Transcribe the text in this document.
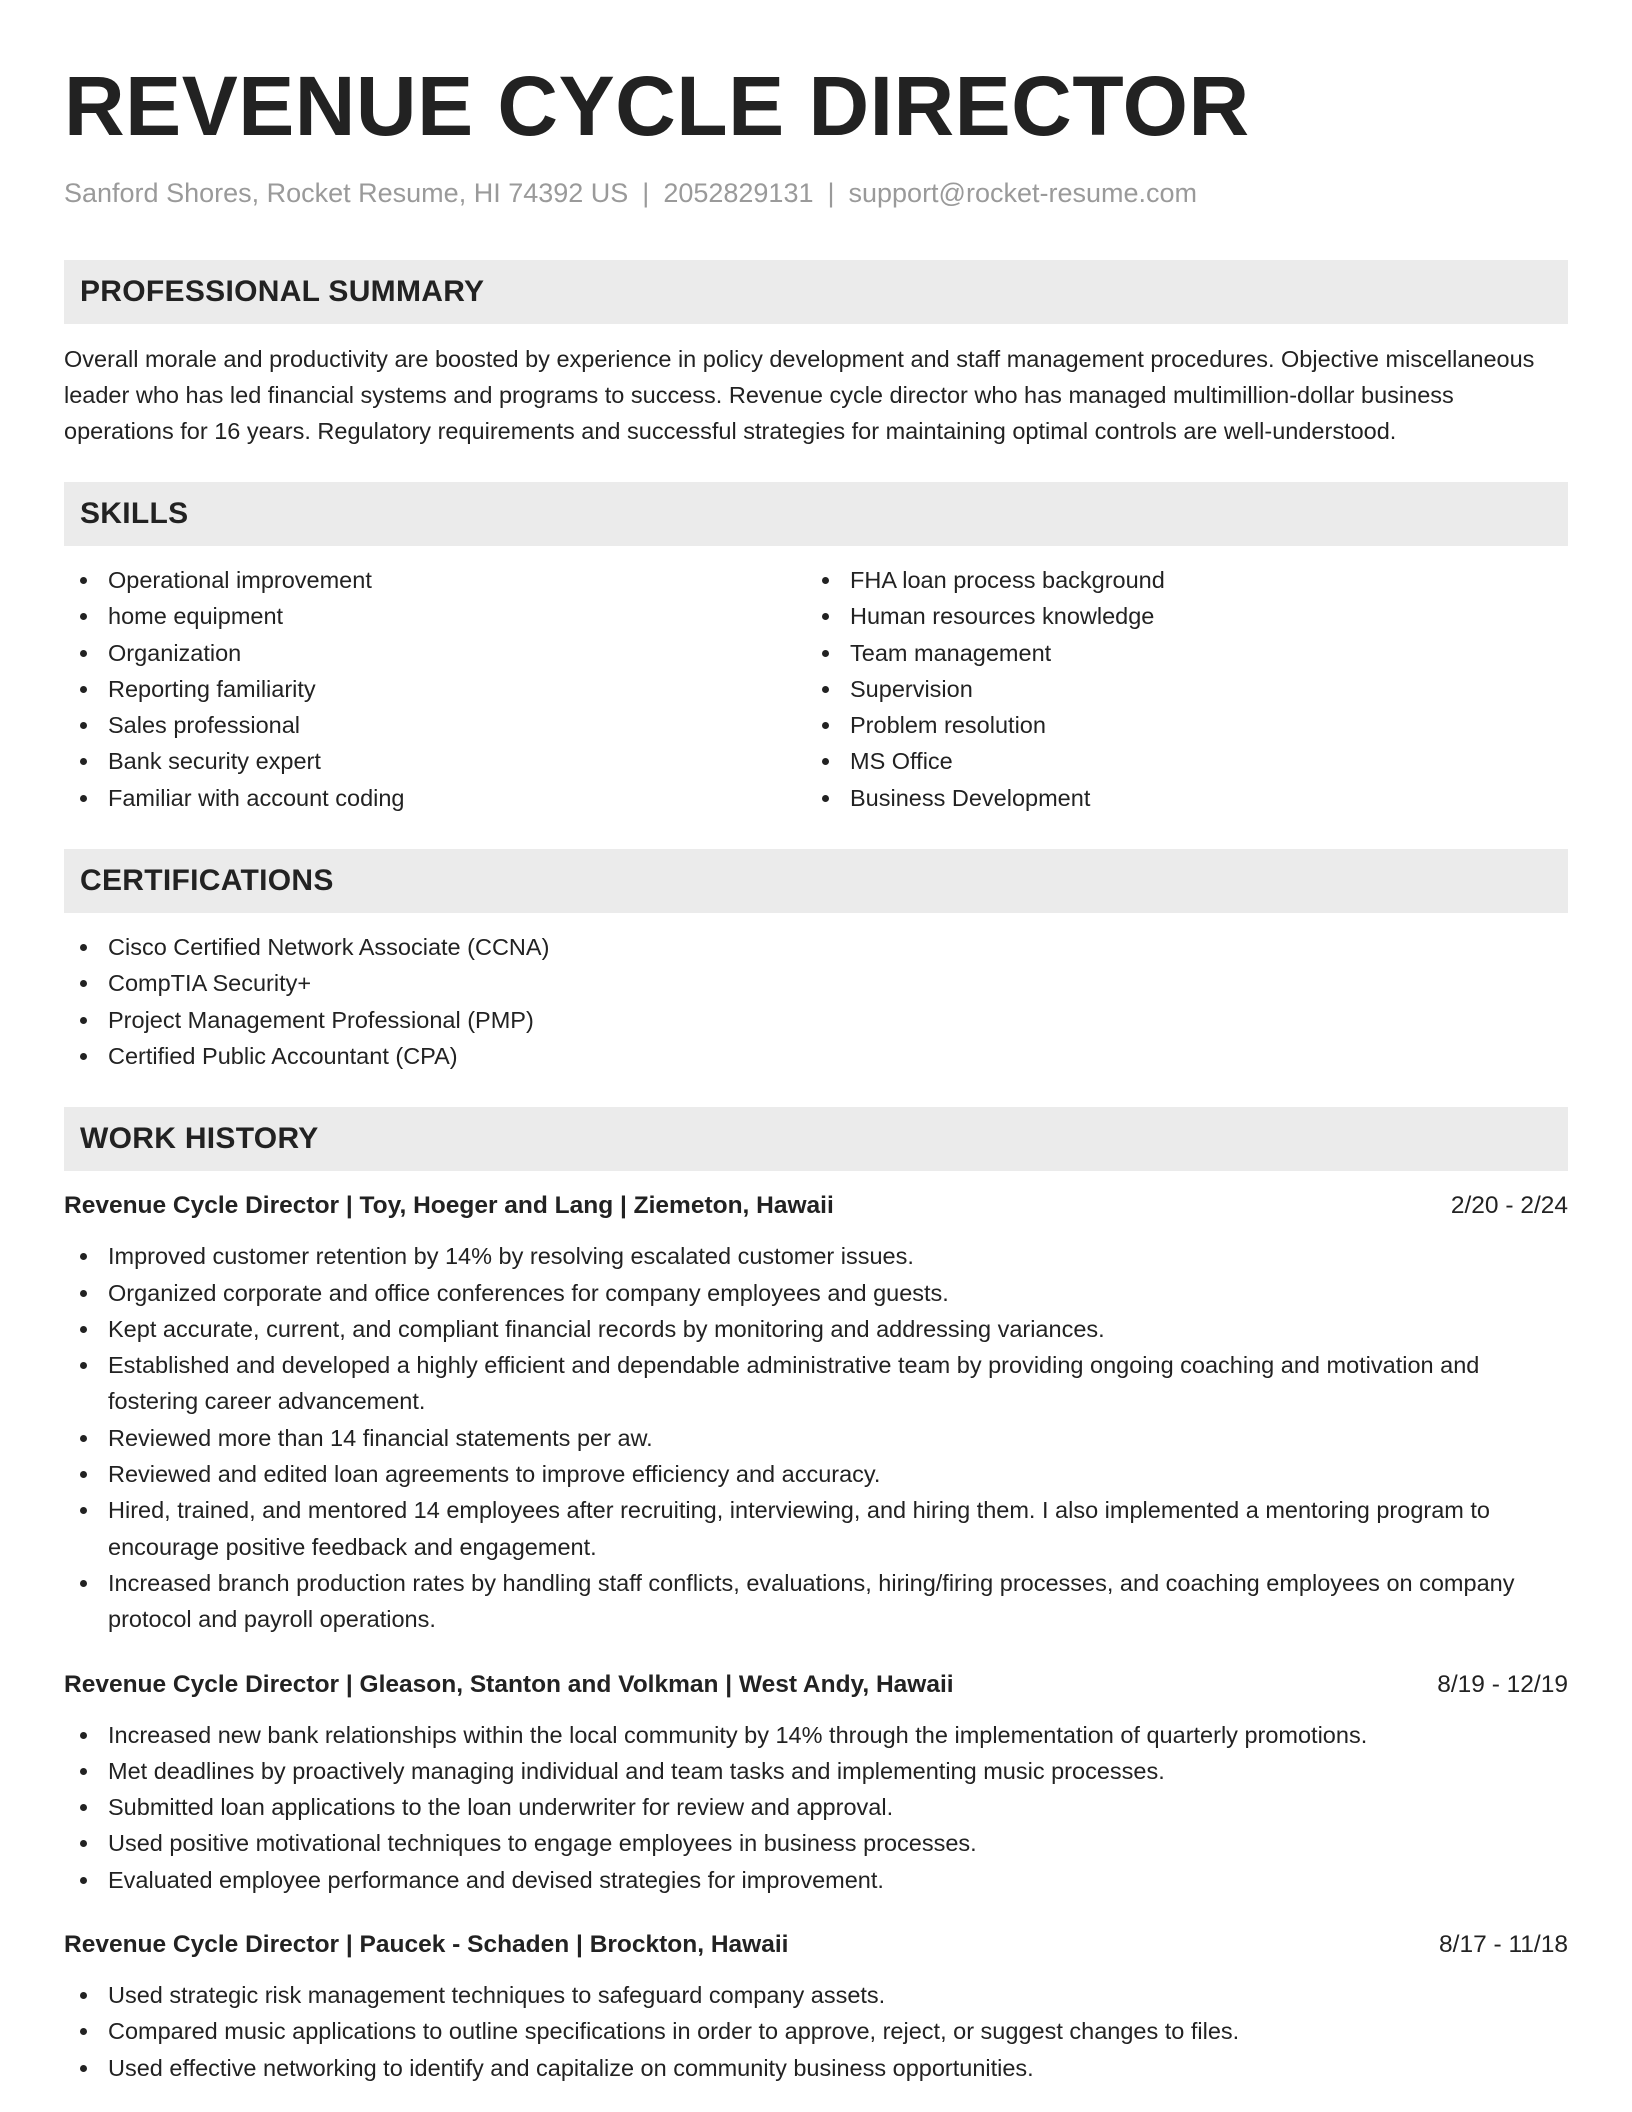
REVENUE CYCLE DIRECTOR
Sanford Shores, Rocket Resume, HI 74392 US | 2052829131 | support@rocket-resume.com
PROFESSIONAL SUMMARY
Overall morale and productivity are boosted by experience in policy development and staff management procedures. Objective miscellaneous leader who has led financial systems and programs to success. Revenue cycle director who has managed multimillion-dollar business operations for 16 years. Regulatory requirements and successful strategies for maintaining optimal controls are well-understood.
SKILLS
Operational improvement
home equipment
Organization
Reporting familiarity
Sales professional
Bank security expert
Familiar with account coding
FHA loan process background
Human resources knowledge
Team management
Supervision
Problem resolution
MS Office
Business Development
CERTIFICATIONS
Cisco Certified Network Associate (CCNA)
CompTIA Security+
Project Management Professional (PMP)
Certified Public Accountant (CPA)
WORK HISTORY
Revenue Cycle Director | Toy, Hoeger and Lang | Ziemeton, Hawaii	2/20 - 2/24
Improved customer retention by 14% by resolving escalated customer issues.
Organized corporate and office conferences for company employees and guests.
Kept accurate, current, and compliant financial records by monitoring and addressing variances.
Established and developed a highly efficient and dependable administrative team by providing ongoing coaching and motivation and fostering career advancement.
Reviewed more than 14 financial statements per aw.
Reviewed and edited loan agreements to improve efficiency and accuracy.
Hired, trained, and mentored 14 employees after recruiting, interviewing, and hiring them. I also implemented a mentoring program to encourage positive feedback and engagement.
Increased branch production rates by handling staff conflicts, evaluations, hiring/firing processes, and coaching employees on company protocol and payroll operations.
Revenue Cycle Director | Gleason, Stanton and Volkman | West Andy, Hawaii	8/19 - 12/19
Increased new bank relationships within the local community by 14% through the implementation of quarterly promotions.
Met deadlines by proactively managing individual and team tasks and implementing music processes.
Submitted loan applications to the loan underwriter for review and approval.
Used positive motivational techniques to engage employees in business processes.
Evaluated employee performance and devised strategies for improvement.
Revenue Cycle Director | Paucek - Schaden | Brockton, Hawaii	8/17 - 11/18
Used strategic risk management techniques to safeguard company assets.
Compared music applications to outline specifications in order to approve, reject, or suggest changes to files.
Used effective networking to identify and capitalize on community business opportunities.
